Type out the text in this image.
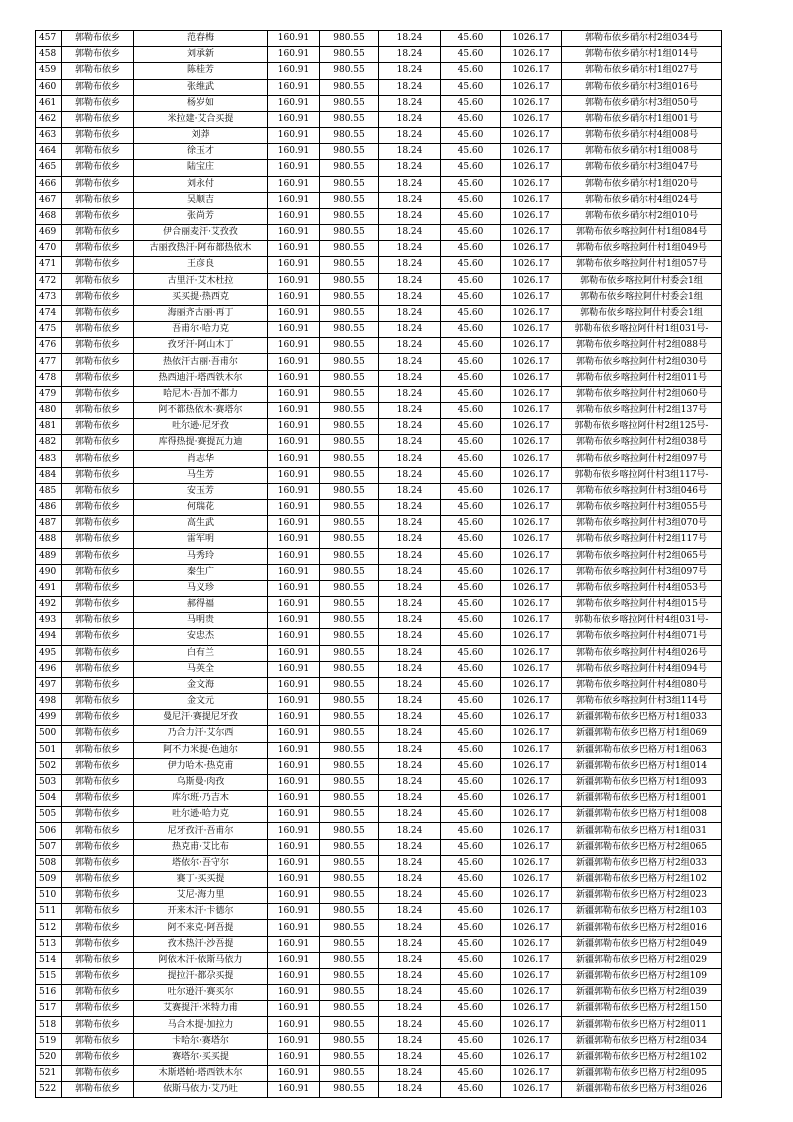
457	郭勒布依乡	范春梅	160.91	980.55	18.24	45.60	1026.17	郭勒布依乡硝尔村2组034号
458	郭勒布依乡	刘承新	160.91	980.55	18.24	45.60	1026.17	郭勒布依乡硝尔村1组014号
459	郭勒布依乡	陈桂芳	160.91	980.55	18.24	45.60	1026.17	郭勒布依乡硝尔村1组027号
460	郭勒布依乡	张维武	160.91	980.55	18.24	45.60	1026.17	郭勒布依乡硝尔村3组016号
461	郭勒布依乡	杨岁如	160.91	980.55	18.24	45.60	1026.17	郭勒布依乡硝尔村3组050号
462	郭勒布依乡	米拉建·艾合买提	160.91	980.55	18.24	45.60	1026.17	郭勒布依乡硝尔村1组001号
463	郭勒布依乡	刘莽	160.91	980.55	18.24	45.60	1026.17	郭勒布依乡硝尔村4组008号
464	郭勒布依乡	徐玉才	160.91	980.55	18.24	45.60	1026.17	郭勒布依乡硝尔村1组008号
465	郭勒布依乡	陆宝庄	160.91	980.55	18.24	45.60	1026.17	郭勒布依乡硝尔村3组047号
466	郭勒布依乡	刘永付	160.91	980.55	18.24	45.60	1026.17	郭勒布依乡硝尔村1组020号
467	郭勒布依乡	吴顺吉	160.91	980.55	18.24	45.60	1026.17	郭勒布依乡硝尔村4组024号
468	郭勒布依乡	张尚芳	160.91	980.55	18.24	45.60	1026.17	郭勒布依乡硝尔村2组010号
469	郭勒布依乡	伊合丽麦汗·艾孜孜	160.91	980.55	18.24	45.60	1026.17	郭勒布依乡喀拉阿什村1组084号
470	郭勒布依乡	古丽孜热汗·阿布都热依木	160.91	980.55	18.24	45.60	1026.17	郭勒布依乡喀拉阿什村1组049号
471	郭勒布依乡	王彦良	160.91	980.55	18.24	45.60	1026.17	郭勒布依乡喀拉阿什村1组057号
472	郭勒布依乡	古里汗·艾木杜拉	160.91	980.55	18.24	45.60	1026.17	郭勒布依乡喀拉阿什村委会1组
473	郭勒布依乡	买买提·热西克	160.91	980.55	18.24	45.60	1026.17	郭勒布依乡喀拉阿什村委会1组
474	郭勒布依乡	海丽齐古丽·再丁	160.91	980.55	18.24	45.60	1026.17	郭勒布依乡喀拉阿什村委会1组
475	郭勒布依乡	吾甫尔·哈力克	160.91	980.55	18.24	45.60	1026.17	郭勒布依乡喀拉阿什村1组031号-
476	郭勒布依乡	孜牙汗·阿山木丁	160.91	980.55	18.24	45.60	1026.17	郭勒布依乡喀拉阿什村2组088号
477	郭勒布依乡	热依汗古丽·吾甫尔	160.91	980.55	18.24	45.60	1026.17	郭勒布依乡喀拉阿什村2组030号
478	郭勒布依乡	热西迪汗·塔西铁木尔	160.91	980.55	18.24	45.60	1026.17	郭勒布依乡喀拉阿什村2组011号
479	郭勒布依乡	哈尼木·吾加不都力	160.91	980.55	18.24	45.60	1026.17	郭勒布依乡喀拉阿什村2组060号
480	郭勒布依乡	阿不都热依木·赛塔尔	160.91	980.55	18.24	45.60	1026.17	郭勒布依乡喀拉阿什村2组137号
481	郭勒布依乡	吐尔逊·尼牙孜	160.91	980.55	18.24	45.60	1026.17	郭勒布依乡喀拉阿什村2组125号-
482	郭勒布依乡	库得热提·赛提瓦力迪	160.91	980.55	18.24	45.60	1026.17	郭勒布依乡喀拉阿什村2组038号
483	郭勒布依乡	肖志华	160.91	980.55	18.24	45.60	1026.17	郭勒布依乡喀拉阿什村2组097号
484	郭勒布依乡	马生芳	160.91	980.55	18.24	45.60	1026.17	郭勒布依乡喀拉阿什村3组117号-
485	郭勒布依乡	安玉芳	160.91	980.55	18.24	45.60	1026.17	郭勒布依乡喀拉阿什村3组046号
486	郭勒布依乡	何瑞花	160.91	980.55	18.24	45.60	1026.17	郭勒布依乡喀拉阿什村3组055号
487	郭勒布依乡	高生武	160.91	980.55	18.24	45.60	1026.17	郭勒布依乡喀拉阿什村3组070号
488	郭勒布依乡	雷军明	160.91	980.55	18.24	45.60	1026.17	郭勒布依乡喀拉阿什村2组117号
489	郭勒布依乡	马秀玲	160.91	980.55	18.24	45.60	1026.17	郭勒布依乡喀拉阿什村2组065号
490	郭勒布依乡	秦生广	160.91	980.55	18.24	45.60	1026.17	郭勒布依乡喀拉阿什村3组097号
491	郭勒布依乡	马义珍	160.91	980.55	18.24	45.60	1026.17	郭勒布依乡喀拉阿什村4组053号
492	郭勒布依乡	郝得福	160.91	980.55	18.24	45.60	1026.17	郭勒布依乡喀拉阿什村4组015号
493	郭勒布依乡	马明贵	160.91	980.55	18.24	45.60	1026.17	郭勒布依乡喀拉阿什村4组031号-
494	郭勒布依乡	安忠杰	160.91	980.55	18.24	45.60	1026.17	郭勒布依乡喀拉阿什村4组071号
495	郭勒布依乡	白有兰	160.91	980.55	18.24	45.60	1026.17	郭勒布依乡喀拉阿什村4组026号
496	郭勒布依乡	马英全	160.91	980.55	18.24	45.60	1026.17	郭勒布依乡喀拉阿什村4组094号
497	郭勒布依乡	金文海	160.91	980.55	18.24	45.60	1026.17	郭勒布依乡喀拉阿什村4组080号
498	郭勒布依乡	金文元	160.91	980.55	18.24	45.60	1026.17	郭勒布依乡喀拉阿什村3组114号
499	郭勒布依乡	曼尼汗·赛提尼牙孜	160.91	980.55	18.24	45.60	1026.17	新疆郭勒布依乡巴格万村1组033
500	郭勒布依乡	乃合力汗·艾尔西	160.91	980.55	18.24	45.60	1026.17	新疆郭勒布依乡巴格万村1组069
501	郭勒布依乡	阿不力米提·色迪尔	160.91	980.55	18.24	45.60	1026.17	新疆郭勒布依乡巴格万村1组063
502	郭勒布依乡	伊力哈木·热克甫	160.91	980.55	18.24	45.60	1026.17	新疆郭勒布依乡巴格万村1组014
503	郭勒布依乡	乌斯曼·肉孜	160.91	980.55	18.24	45.60	1026.17	新疆郭勒布依乡巴格万村1组093
504	郭勒布依乡	库尔班·乃吉木	160.91	980.55	18.24	45.60	1026.17	新疆郭勒布依乡巴格万村1组001
505	郭勒布依乡	吐尔逊·哈力克	160.91	980.55	18.24	45.60	1026.17	新疆郭勒布依乡巴格万村1组008
506	郭勒布依乡	尼牙孜汗·吾甫尔	160.91	980.55	18.24	45.60	1026.17	新疆郭勒布依乡巴格万村1组031
507	郭勒布依乡	热克甫·艾比布	160.91	980.55	18.24	45.60	1026.17	新疆郭勒布依乡巴格万村2组065
508	郭勒布依乡	塔依尔·吾守尔	160.91	980.55	18.24	45.60	1026.17	新疆郭勒布依乡巴格万村2组033
509	郭勒布依乡	赛丁·买买提	160.91	980.55	18.24	45.60	1026.17	新疆郭勒布依乡巴格万村2组102
510	郭勒布依乡	艾尼·海力里	160.91	980.55	18.24	45.60	1026.17	新疆郭勒布依乡巴格万村2组023
511	郭勒布依乡	开来木汗·卡德尔	160.91	980.55	18.24	45.60	1026.17	新疆郭勒布依乡巴格万村2组103
512	郭勒布依乡	阿不来克·阿吾提	160.91	980.55	18.24	45.60	1026.17	新疆郭勒布依乡巴格万村2组016
513	郭勒布依乡	孜木热汗·沙吾提	160.91	980.55	18.24	45.60	1026.17	新疆郭勒布依乡巴格万村2组049
514	郭勒布依乡	阿依木汗·依斯马依力	160.91	980.55	18.24	45.60	1026.17	新疆郭勒布依乡巴格万村2组029
515	郭勒布依乡	提拉汗·都尕买提	160.91	980.55	18.24	45.60	1026.17	新疆郭勒布依乡巴格万村2组109
516	郭勒布依乡	吐尔逊汗·赛买尔	160.91	980.55	18.24	45.60	1026.17	新疆郭勒布依乡巴格万村2组039
517	郭勒布依乡	艾赛提汗·米特力甫	160.91	980.55	18.24	45.60	1026.17	新疆郭勒布依乡巴格万村2组150
518	郭勒布依乡	马合木提·加拉力	160.91	980.55	18.24	45.60	1026.17	新疆郭勒布依乡巴格万村2组011
519	郭勒布依乡	卡哈尔·赛塔尔	160.91	980.55	18.24	45.60	1026.17	新疆郭勒布依乡巴格万村2组034
520	郭勒布依乡	赛塔尔·买买提	160.91	980.55	18.24	45.60	1026.17	新疆郭勒布依乡巴格万村2组102
521	郭勒布依乡	木斯塔帕·塔西铁木尔	160.91	980.55	18.24	45.60	1026.17	新疆郭勒布依乡巴格万村2组095
522	郭勒布依乡	依斯马依力·艾乃吐	160.91	980.55	18.24	45.60	1026.17	新疆郭勒布依乡巴格万村3组026
